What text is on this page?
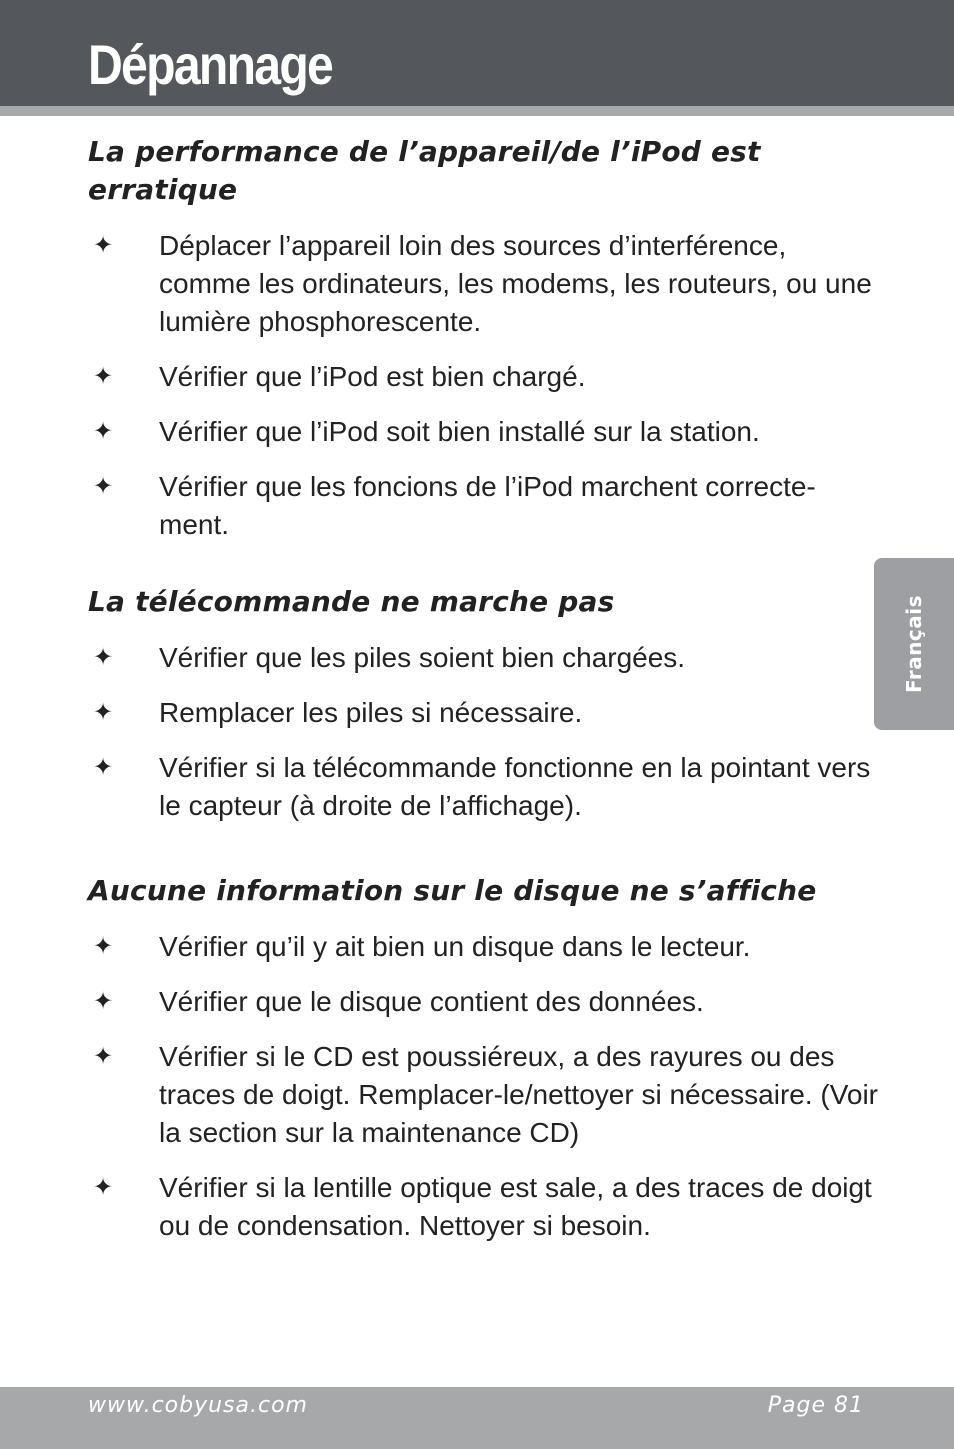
Dépannage
La performance de l’appareil/de l’iPod est erratique
✦ Déplacer l’appareil loin des sources d’interférence, comme les ordinateurs, les modems, les routeurs, ou une lumière phosphorescente.
✦ Vérifier que l’iPod est bien chargé.
✦ Vérifier que l’iPod soit bien installé sur la station.
✦ Vérifier que les foncions de l’iPod marchent correcte- ment.
La télécommande ne marche pas
✦ Vérifier que les piles soient bien chargées.
✦ Remplacer les piles si nécessaire.
✦ Vérifier si la télécommande fonctionne en la pointant vers le capteur (à droite de l’affichage).
Aucune information sur le disque ne s’affiche
✦ Vérifier qu’il y ait bien un disque dans le lecteur.
✦ Vérifier que le disque contient des données.
✦ Vérifier si le CD est poussiéreux, a des rayures ou des traces de doigt. Remplacer-le/nettoyer si nécessaire. (Voir la section sur la maintenance CD)
✦ Vérifier si la lentille optique est sale, a des traces de doigt ou de condensation. Nettoyer si besoin.
Français
www.cobyusa.com	Page 81
